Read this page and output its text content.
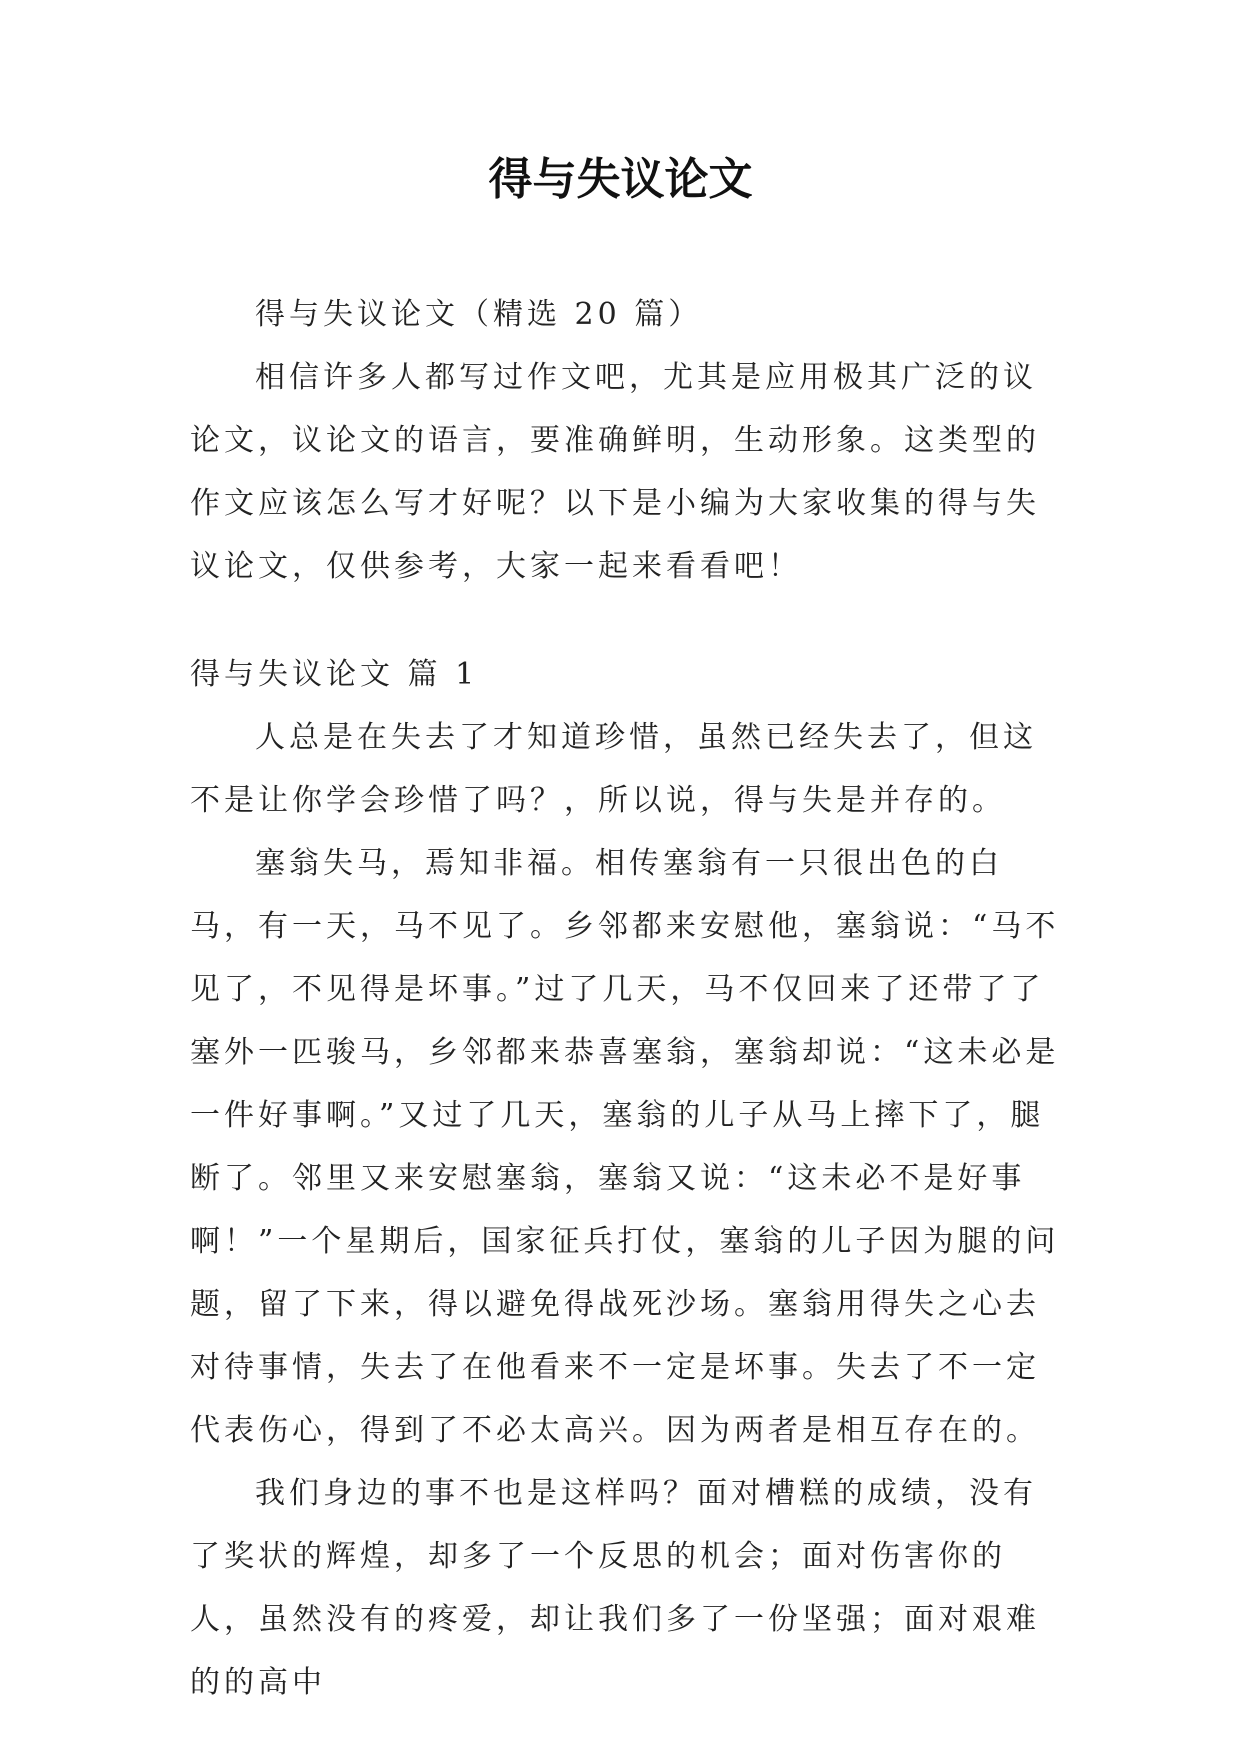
得与失议论文

得与失议论文（精选 20 篇）

相信许多人都写过作文吧，尤其是应用极其广泛的议论文，议论文的语言，要准确鲜明，生动形象。这类型的作文应该怎么写才好呢？以下是小编为大家收集的得与失议论文，仅供参考，大家一起来看看吧！

得与失议论文 篇 1

人总是在失去了才知道珍惜，虽然已经失去了，但这不是让你学会珍惜了吗？，所以说，得与失是并存的。

塞翁失马，焉知非福。相传塞翁有一只很出色的白马，有一天，马不见了。乡邻都来安慰他，塞翁说：“马不见了，不见得是坏事。”过了几天，马不仅回来了还带了了塞外一匹骏马，乡邻都来恭喜塞翁，塞翁却说：“这未必是一件好事啊。”又过了几天，塞翁的儿子从马上摔下了，腿断了。邻里又来安慰塞翁，塞翁又说：“这未必不是好事啊！”一个星期后，国家征兵打仗，塞翁的儿子因为腿的问题，留了下来，得以避免得战死沙场。塞翁用得失之心去对待事情，失去了在他看来不一定是坏事。失去了不一定代表伤心，得到了不必太高兴。因为两者是相互存在的。

我们身边的事不也是这样吗？面对槽糕的成绩，没有了奖状的辉煌，却多了一个反思的机会；面对伤害你的人，虽然没有的疼爱，却让我们多了一份坚强；面对艰难的的高中
